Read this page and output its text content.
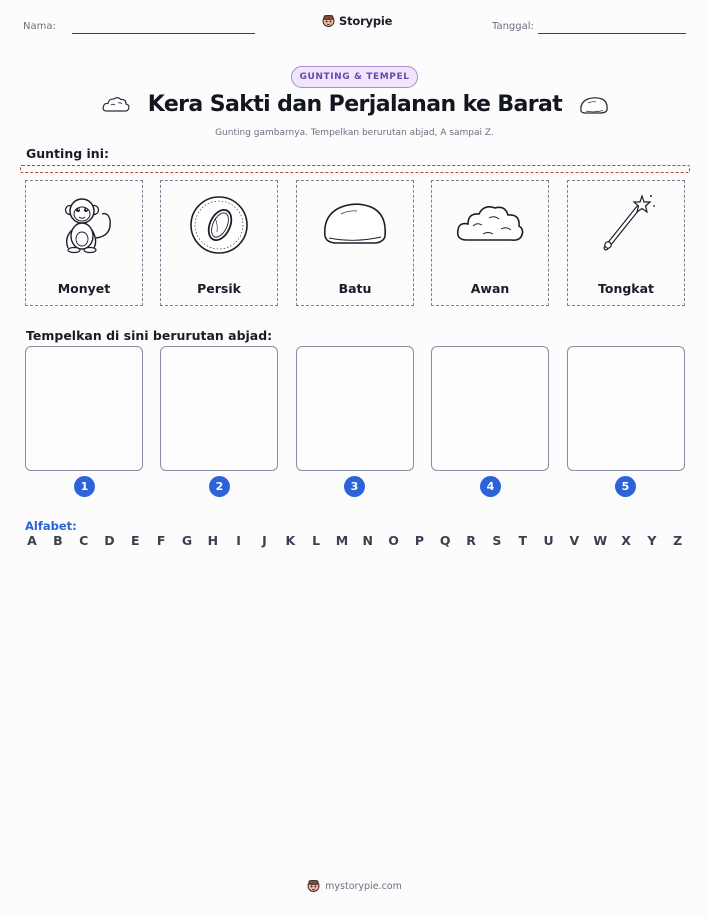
Nama:	Storypie	Tanggal:
GUNTING & TEMPEL
Kera Sakti dan Perjalanan ke Barat
Gunting gambarnya. Tempelkan berurutan abjad, A sampai Z.
Gunting ini:
Monyet	Persik	Batu	Awan	Tongkat
Tempelkan di sini berurutan abjad:
1	2	3	4	5
Alfabet:
A B C D E F G H	I	J	K L M N O P Q R S T U V W X Y Z
mystorypie.com
